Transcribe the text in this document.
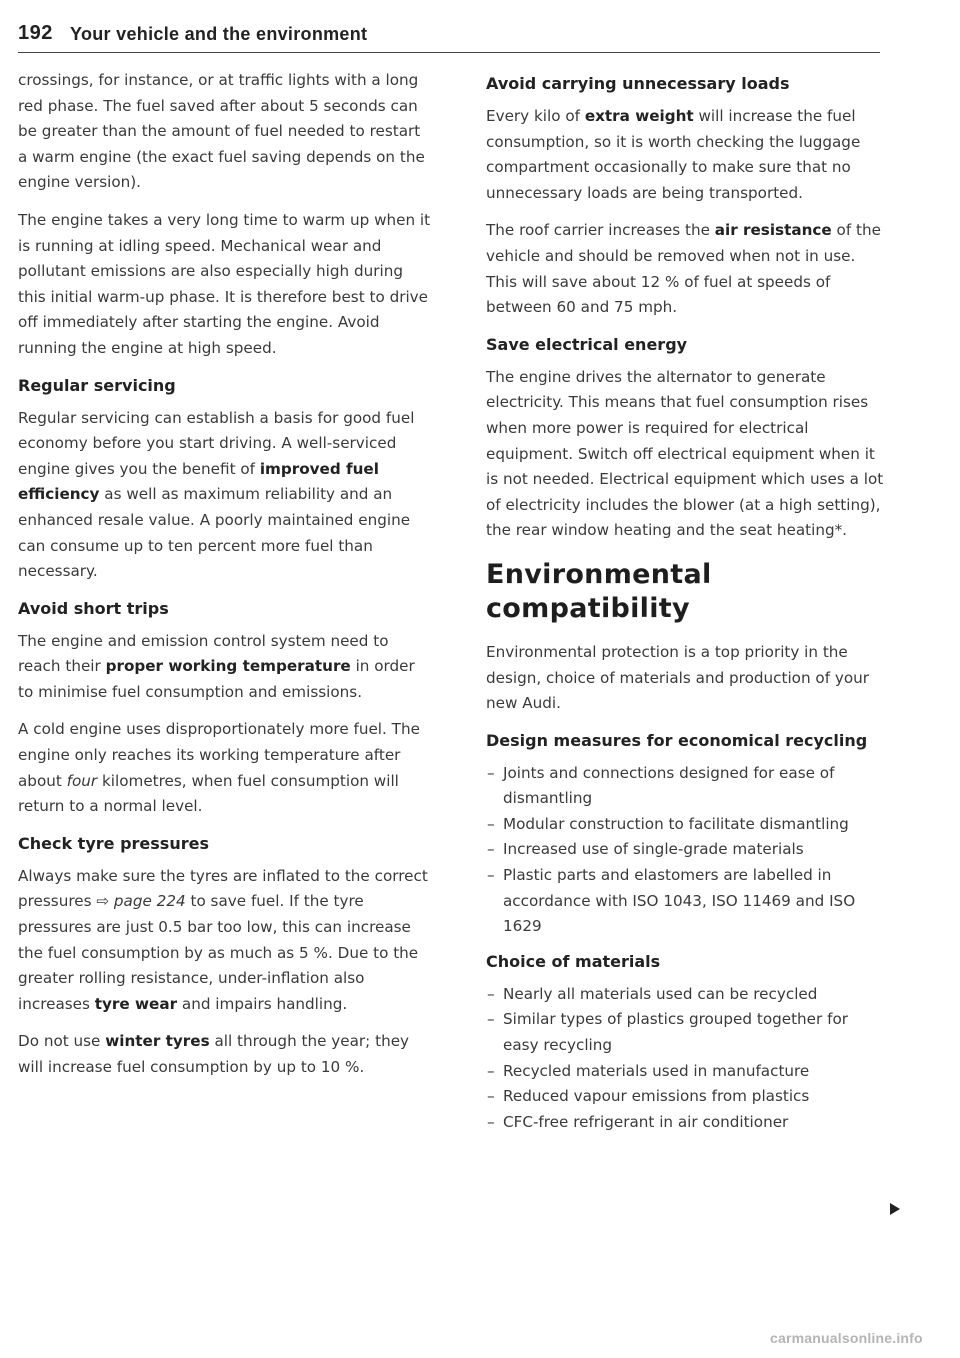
192 Your vehicle and the environment

crossings, for instance, or at traffic lights with a long red phase. The fuel saved after about 5 seconds can be greater than the amount of fuel needed to restart a warm engine (the exact fuel saving depends on the engine version).

The engine takes a very long time to warm up when it is running at idling speed. Mechanical wear and pollutant emissions are also especially high during this initial warm-up phase. It is therefore best to drive off immediately after starting the engine. Avoid running the engine at high speed.

Regular servicing

Regular servicing can establish a basis for good fuel economy before you start driving. A well-serviced engine gives you the benefit of improved fuel efficiency as well as maximum reliability and an enhanced resale value. A poorly maintained engine can consume up to ten percent more fuel than necessary.

Avoid short trips

The engine and emission control system need to reach their proper working temperature in order to minimise fuel consumption and emissions.

A cold engine uses disproportionately more fuel. The engine only reaches its working temperature after about four kilometres, when fuel consumption will return to a normal level.

Check tyre pressures

Always make sure the tyres are inflated to the correct pressures ⇨ page 224 to save fuel. If the tyre pressures are just 0.5 bar too low, this can increase the fuel consumption by as much as 5 %. Due to the greater rolling resistance, under-inflation also increases tyre wear and impairs handling.

Do not use winter tyres all through the year; they will increase fuel consumption by up to 10 %.

Avoid carrying unnecessary loads

Every kilo of extra weight will increase the fuel consumption, so it is worth checking the luggage compartment occasionally to make sure that no unnecessary loads are being transported.

The roof carrier increases the air resistance of the vehicle and should be removed when not in use. This will save about 12 % of fuel at speeds of between 60 and 75 mph.

Save electrical energy

The engine drives the alternator to generate electricity. This means that fuel consumption rises when more power is required for electrical equipment. Switch off electrical equipment when it is not needed. Electrical equipment which uses a lot of electricity includes the blower (at a high setting), the rear window heating and the seat heating*.

Environmental compatibility

Environmental protection is a top priority in the design, choice of materials and production of your new Audi.

Design measures for economical recycling
– Joints and connections designed for ease of dismantling
– Modular construction to facilitate dismantling
– Increased use of single-grade materials
– Plastic parts and elastomers are labelled in accordance with ISO 1043, ISO 11469 and ISO 1629
Choice of materials
– Nearly all materials used can be recycled
– Similar types of plastics grouped together for easy recycling
– Recycled materials used in manufacture
– Reduced vapour emissions from plastics
– CFC-free refrigerant in air conditioner
carmanualsonline.info
